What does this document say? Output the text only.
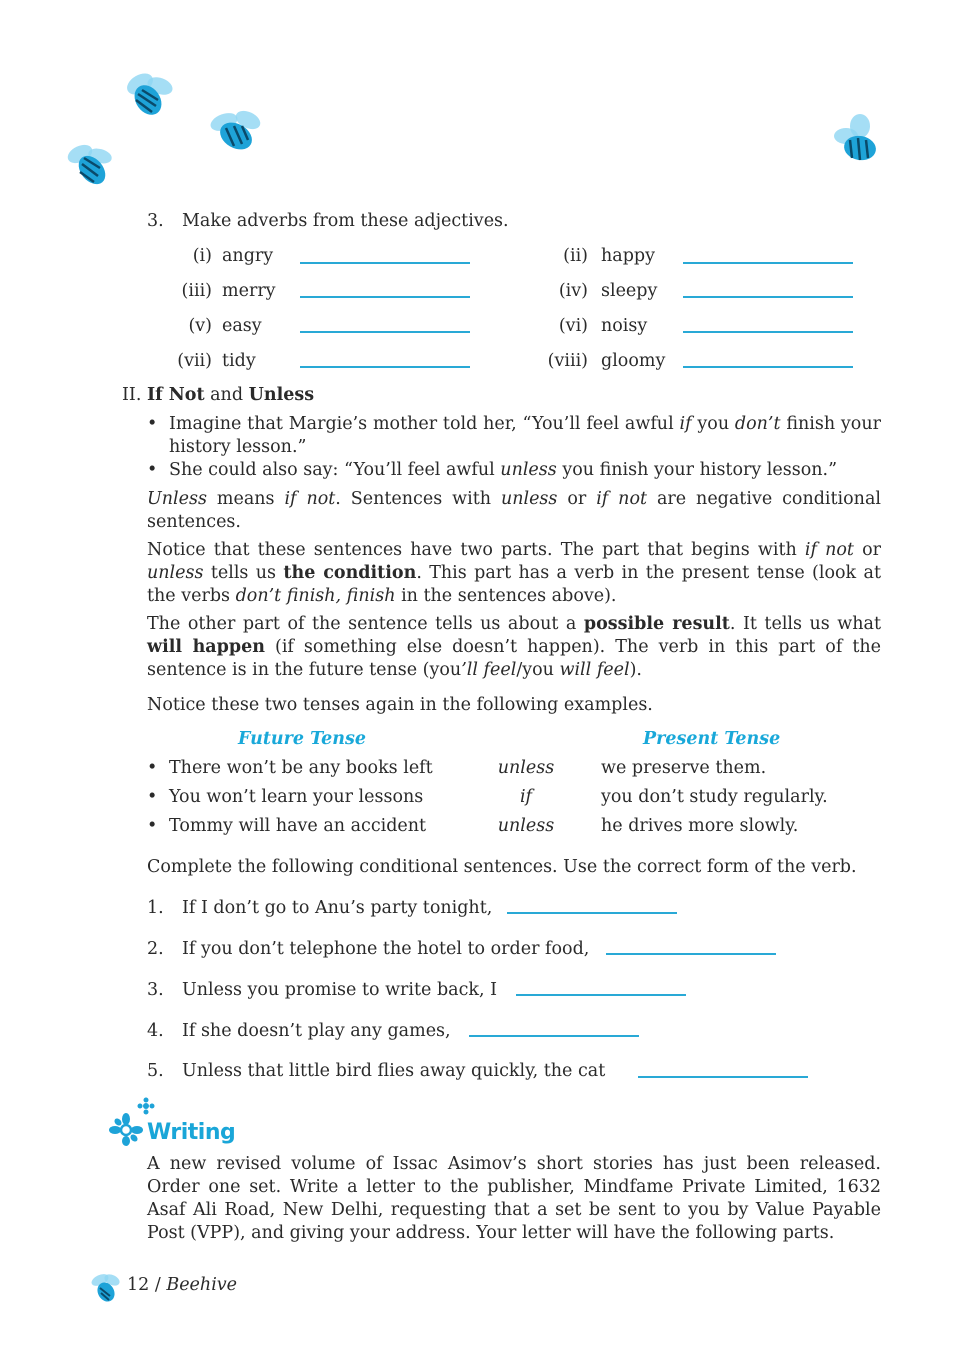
3. Make adverbs from these adjectives.
(i) angry	(ii) happy
(iii) merry	(iv) sleepy
(v) easy	(vi) noisy
(vii) tidy	(viii) gloomy
II. If Not and Unless
• Imagine that Margie’s mother told her, “You’ll feel awful if you don’t finish your history lesson.”
• She could also say: “You’ll feel awful unless you finish your history lesson.”
Unless means if not. Sentences with unless or if not are negative conditional sentences.
Notice that these sentences have two parts. The part that begins with if not or unless tells us the condition. This part has a verb in the present tense (look at the verbs don’t finish, finish in the sentences above).
The other part of the sentence tells us about a possible result. It tells us what will happen (if something else doesn’t happen). The verb in this part of the sentence is in the future tense (you’ll feel/you will feel).
Notice these two tenses again in the following examples.
Future Tense	Present Tense
• There won’t be any books left	unless	we preserve them.
• You won’t learn your lessons	if	you don’t study regularly.
• Tommy will have an accident	unless	he drives more slowly.
Complete the following conditional sentences. Use the correct form of the verb.
1. If I don’t go to Anu’s party tonight,
2. If you don’t telephone the hotel to order food,
3. Unless you promise to write back, I
4. If she doesn’t play any games,
5. Unless that little bird flies away quickly, the cat
Writing
A new revised volume of Issac Asimov’s short stories has just been released. Order one set. Write a letter to the publisher, Mindfame Private Limited, 1632 Asaf Ali Road, New Delhi, requesting that a set be sent to you by Value Payable Post (VPP), and giving your address. Your letter will have the following parts.
12 / Beehive
